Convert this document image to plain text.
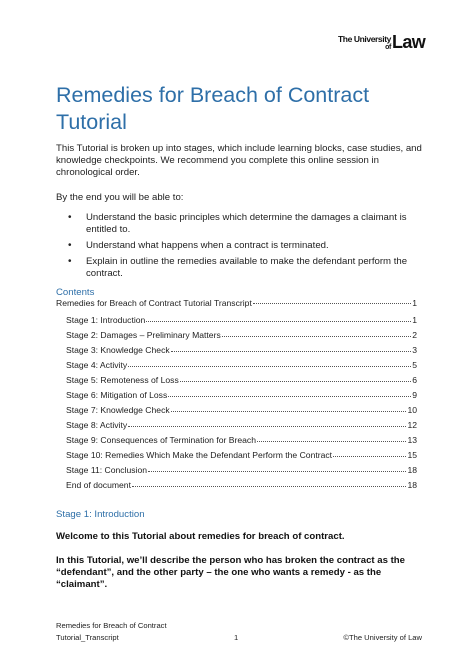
The University
of Law
Remedies for Breach of Contract Tutorial

This Tutorial is broken up into stages, which include learning blocks, case studies, and knowledge checkpoints. We recommend you complete this online session in chronological order.

By the end you will be able to:

• Understand the basic principles which determine the damages a claimant is entitled to.
• Understand what happens when a contract is terminated.
• Explain in outline the remedies available to make the defendant perform the contract.
Contents
Remedies for Breach of Contract Tutorial Transcript	1
Stage 1: Introduction	1
Stage 2: Damages – Preliminary Matters	2
Stage 3: Knowledge Check	3
Stage 4: Activity	5
Stage 5: Remoteness of Loss	6
Stage 6: Mitigation of Loss	9
Stage 7: Knowledge Check	10
Stage 8: Activity	12
Stage 9: Consequences of Termination for Breach	13
Stage 10: Remedies Which Make the Defendant Perform the Contract	15
Stage 11: Conclusion	18
End of document	18
Stage 1: Introduction

Welcome to this Tutorial about remedies for breach of contract.

In this Tutorial, we’ll describe the person who has broken the contract as the “defendant”, and the other party – the one who wants a remedy - as the “claimant”.

Remedies for Breach of Contract
Tutorial_Transcript	©The University of Law
1
